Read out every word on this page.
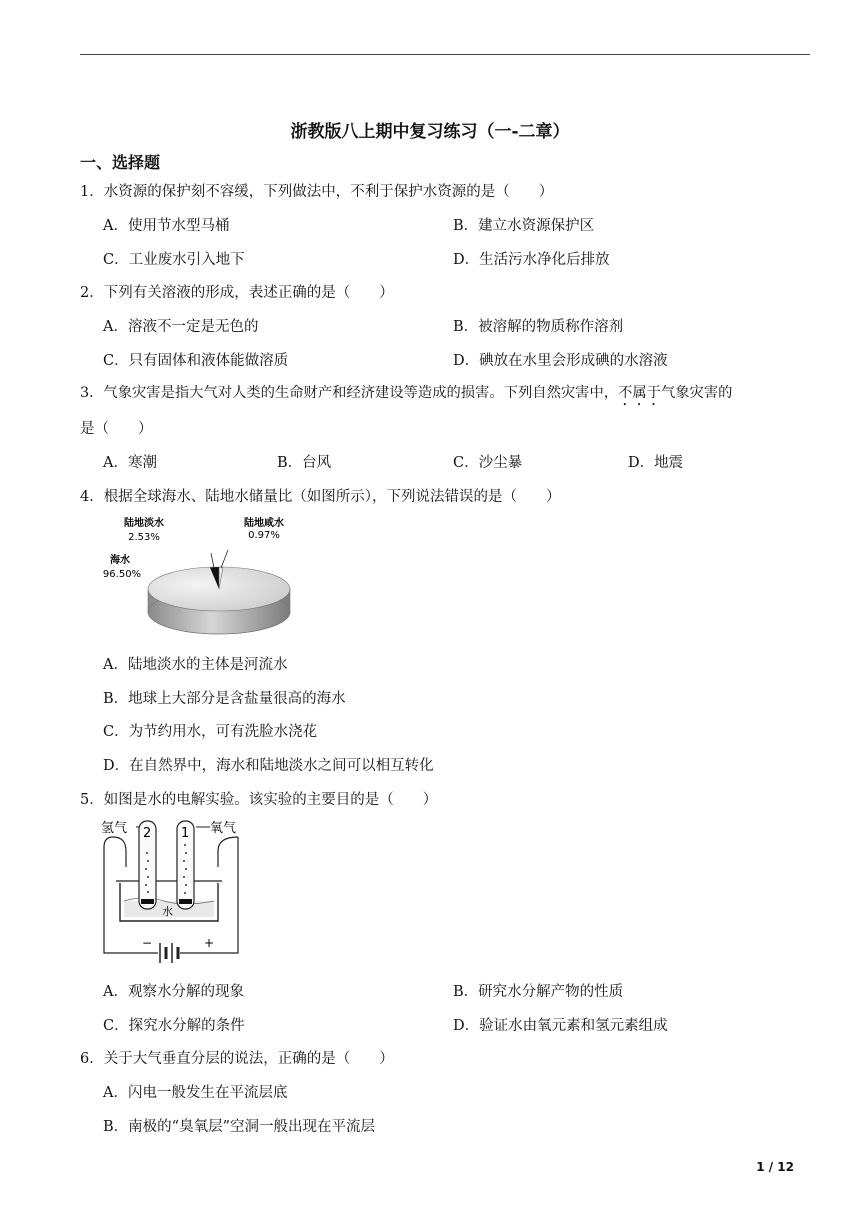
浙教版八上期中复习练习（一-二章）
一、选择题
1．水资源的保护刻不容缓，下列做法中，不利于保护水资源的是（　　）
A．使用节水型马桶	B．建立水资源保护区
C．工业废水引入地下	D．生活污水净化后排放
2．下列有关溶液的形成，表述正确的是（　　）
A．溶液不一定是无色的	B．被溶解的物质称作溶剂
C．只有固体和液体能做溶质	D．碘放在水里会形成碘的水溶液
3．气象灾害是指大气对人类的生命财产和经济建设等造成的损害。下列自然灾害中，不属于气象灾害的
是（　　）
A．寒潮	B．台风	C．沙尘暴	D．地震
4．根据全球海水、陆地水储量比（如图所示），下列说法错误的是（　　）
陆地淡水
2.53%
陆地咸水
0.97%
海水
96.50%
A．陆地淡水的主体是河流水
B．地球上大部分是含盐量很高的海水
C．为节约用水，可有洗脸水浇花
D．在自然界中，海水和陆地淡水之间可以相互转化
5．如图是水的电解实验。该实验的主要目的是（　　）
氢气	氧气
−	+
水
2 1
A．观察水分解的现象	B．研究水分解产物的性质
C．探究水分解的条件	D．验证水由氧元素和氢元素组成
6．关于大气垂直分层的说法，正确的是（　　）
A．闪电一般发生在平流层底
B．南极的“臭氧层”空洞一般出现在平流层
1 / 12
